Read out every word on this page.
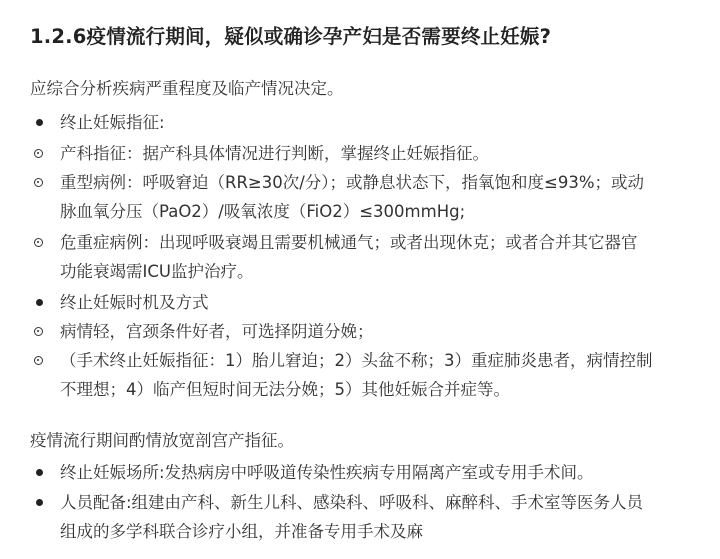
1.2.6疫情流行期间，疑似或确诊孕产妇是否需要终止妊娠?
应综合分析疾病严重程度及临产情况决定。
终止妊娠指征:
产科指征：据产科具体情况进行判断，掌握终止妊娠指征。
重型病例：呼吸窘迫（RR≥30次/分）；或静息状态下，指氧饱和度≤93%；或动
脉血氧分压（PaO2）/吸氧浓度（FiO2）≤300mmHg;
危重症病例：出现呼吸衰竭且需要机械通气；或者出现休克；或者合并其它器官
功能衰竭需ICU监护治疗。
终止妊娠时机及方式
病情轻，宫颈条件好者，可选择阴道分娩；
（手术终止妊娠指征：1）胎儿窘迫；2）头盆不称；3）重症肺炎患者，病情控制
不理想；4）临产但短时间无法分娩；5）其他妊娠合并症等。
疫情流行期间酌情放宽剖宫产指征。
终止妊娠场所:发热病房中呼吸道传染性疾病专用隔离产室或专用手术间。
人员配备:组建由产科、新生儿科、感染科、呼吸科、麻醉科、手术室等医务人员
组成的多学科联合诊疗小组，并准备专用手术及麻
